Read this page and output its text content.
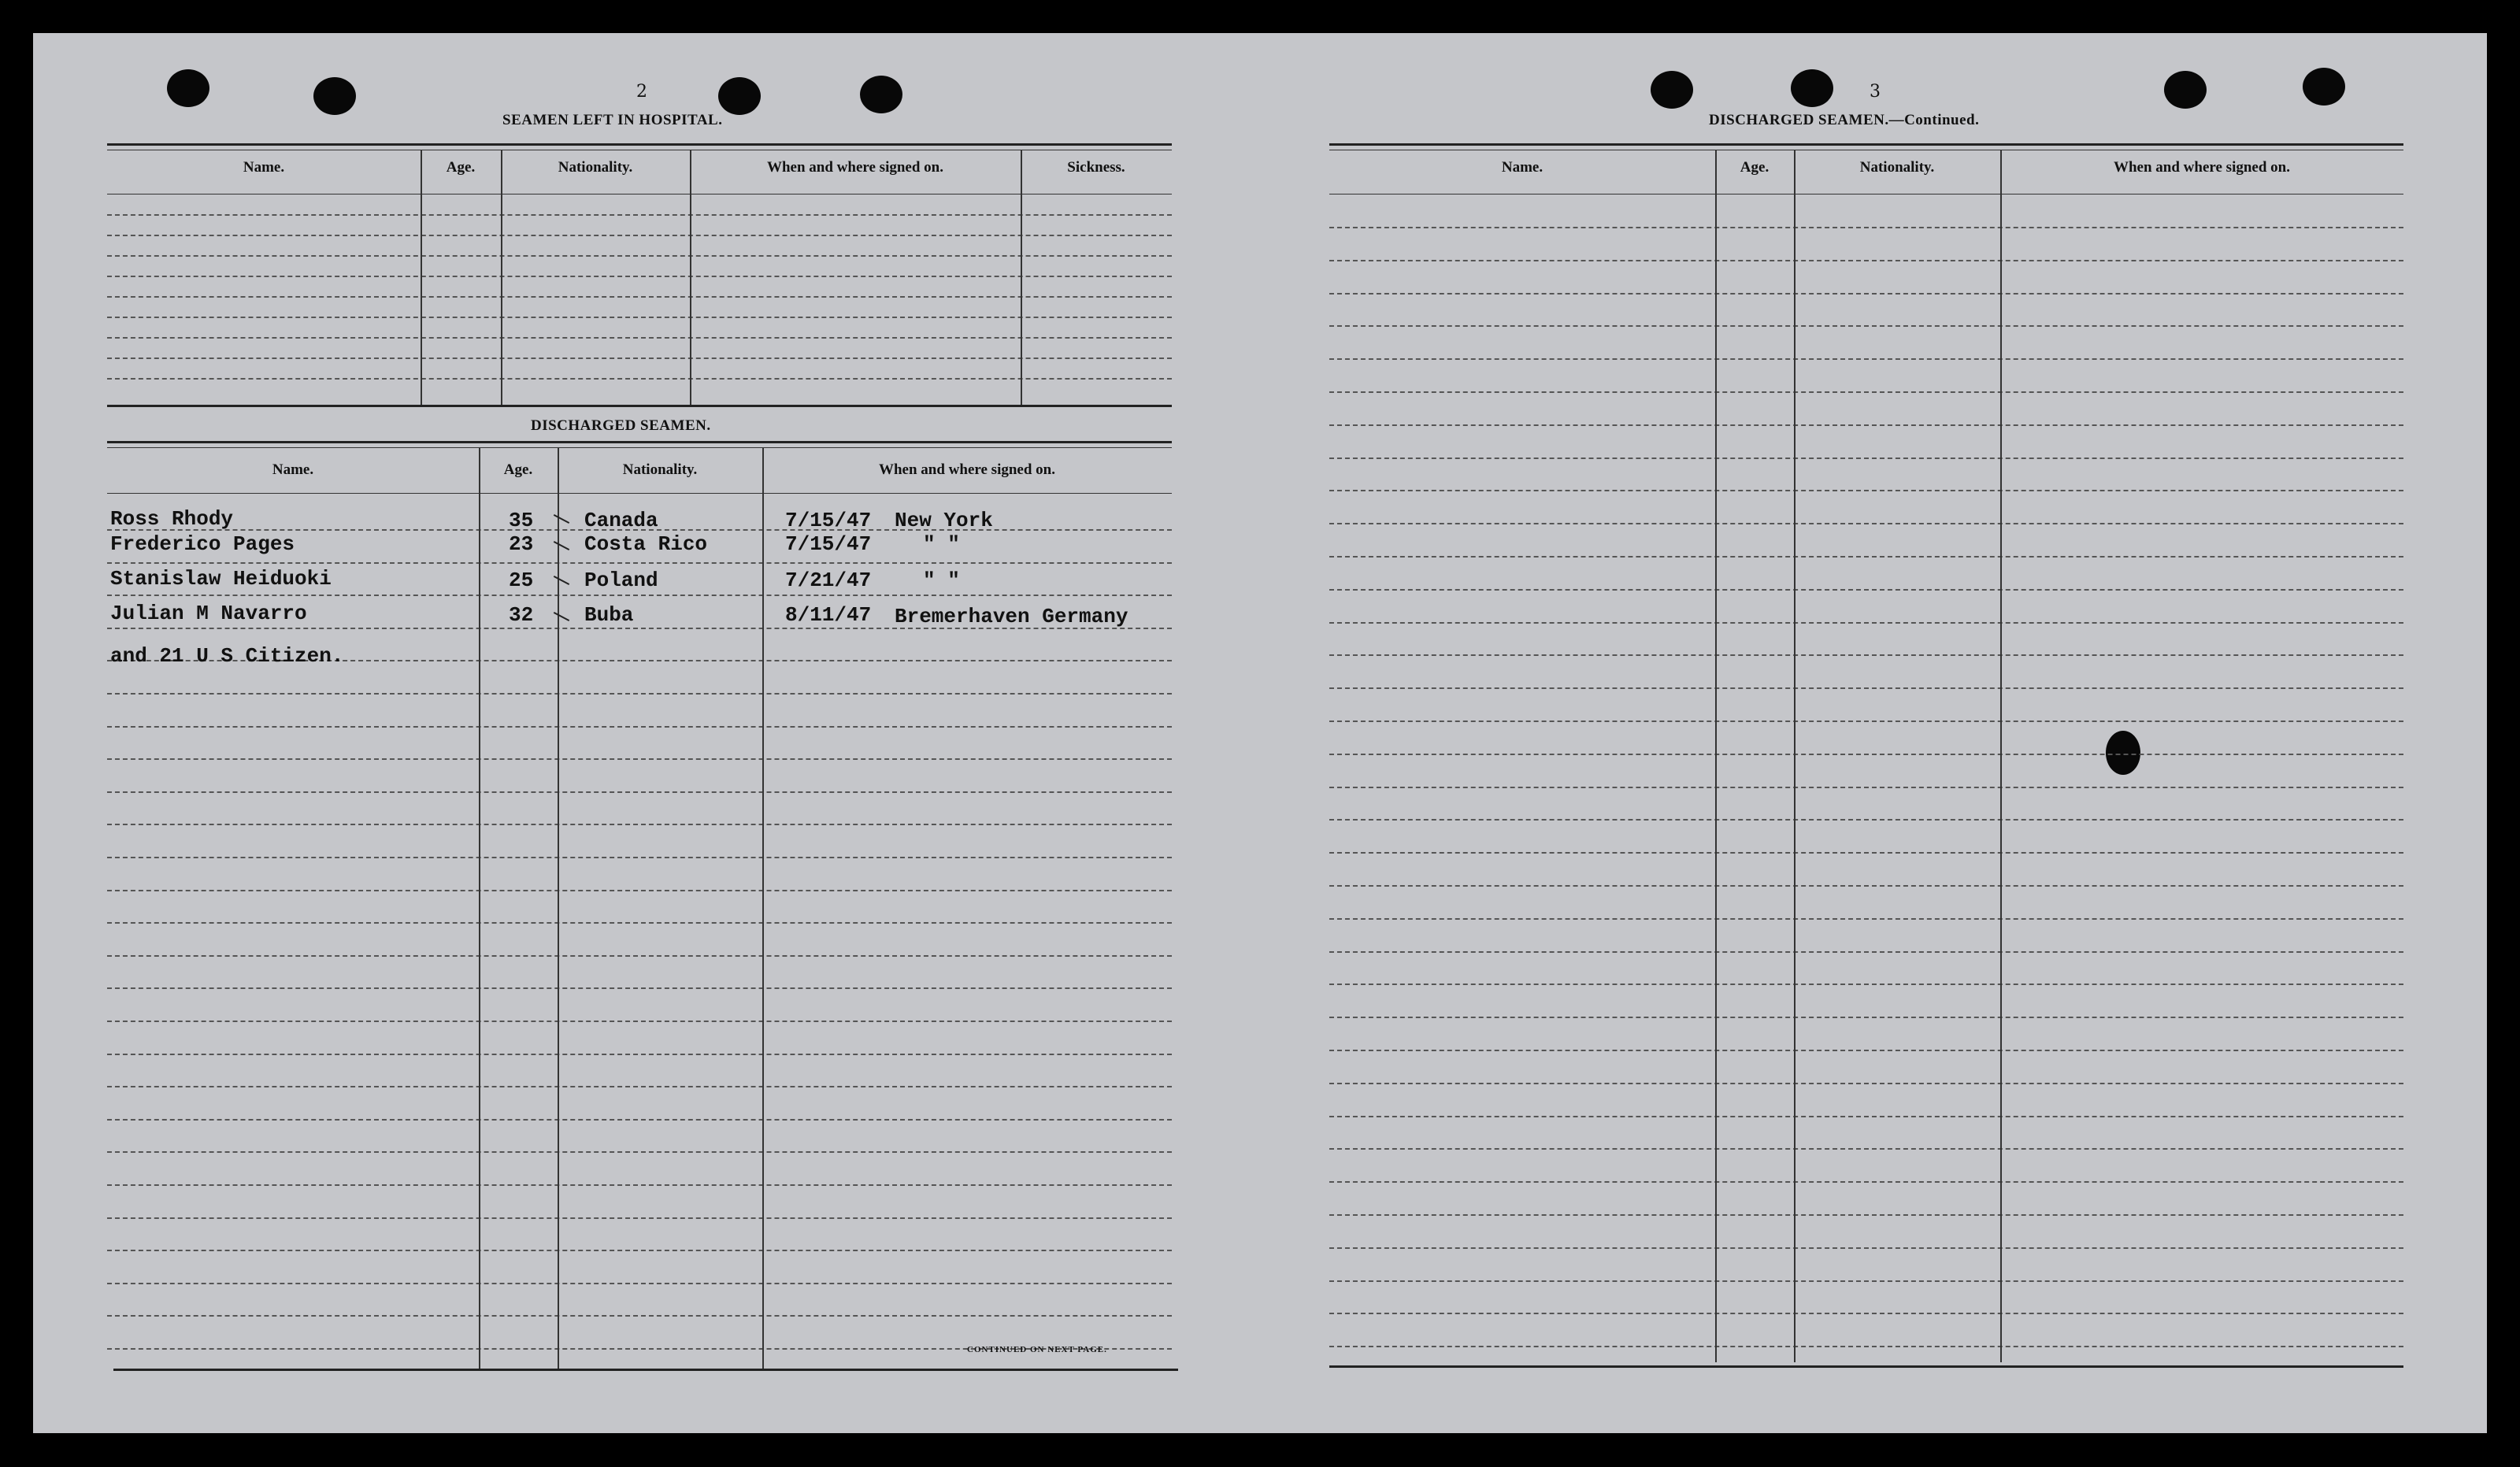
2
SEAMEN LEFT IN HOSPITAL.
Name.	Age.	Nationality.	When and where signed on.	Sickness.
DISCHARGED SEAMEN.
Name.	Age.	Nationality.	When and where signed on.
CONTINUED ON NEXT PAGE.
Ross Rhody	35 Canada	7/15/47 New York
Frederico Pages	23 Costa Rico	7/15/47	" "
Stanislaw Heiduoki	25 Poland	7/21/47	" "
Julian M Navarro	32 Buba	8/11/47 Bremerhaven Germany
and 21 U S Citizen.
3
DISCHARGED SEAMEN.—Continued.
Name.	Age.	Nationality.	When and where signed on.
